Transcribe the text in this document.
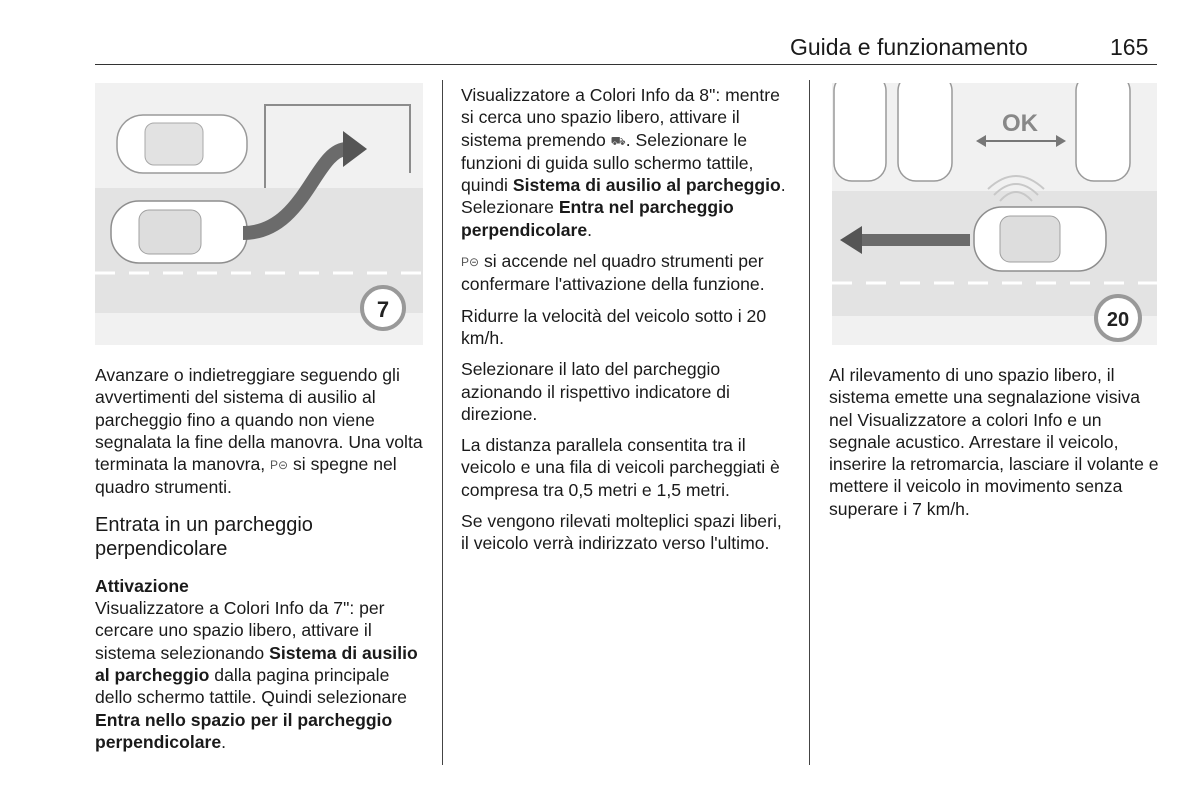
Guida e funzionamento	165
7
OK
20

Avanzare o indietreggiare seguendo gli avvertimenti del sistema di ausilio al parcheggio fino a quando non viene segnalata la fine della manovra. Una volta terminata la manovra, P⊝ si spegne nel quadro strumenti.

Entrata in un parcheggio perpendicolare
Attivazione

Visualizzatore a Colori Info da 7": per cercare uno spazio libero, attivare il sistema selezionando Sistema di ausilio al parcheggio dalla pagina principale dello schermo tattile. Quindi selezionare Entra nello spazio per il parcheggio perpendicolare.

Visualizzatore a Colori Info da 8": mentre si cerca uno spazio libero, attivare il sistema premendo ⛟. Selezionare le funzioni di guida sullo schermo tattile, quindi Sistema di ausilio al parcheggio. Selezionare Entra nel parcheggio perpendicolare.

P⊝ si accende nel quadro strumenti per confermare l'attivazione della funzione.

Ridurre la velocità del veicolo sotto i 20 km/h.

Selezionare il lato del parcheggio azionando il rispettivo indicatore di direzione.

La distanza parallela consentita tra il veicolo e una fila di veicoli parcheggiati è compresa tra 0,5 metri e 1,5 metri.

Se vengono rilevati molteplici spazi liberi, il veicolo verrà indirizzato verso l'ultimo.

Al rilevamento di uno spazio libero, il sistema emette una segnalazione visiva nel Visualizzatore a colori Info e un segnale acustico. Arrestare il veicolo, inserire la retromarcia, lasciare il volante e mettere il veicolo in movimento senza superare i 7 km/h.
